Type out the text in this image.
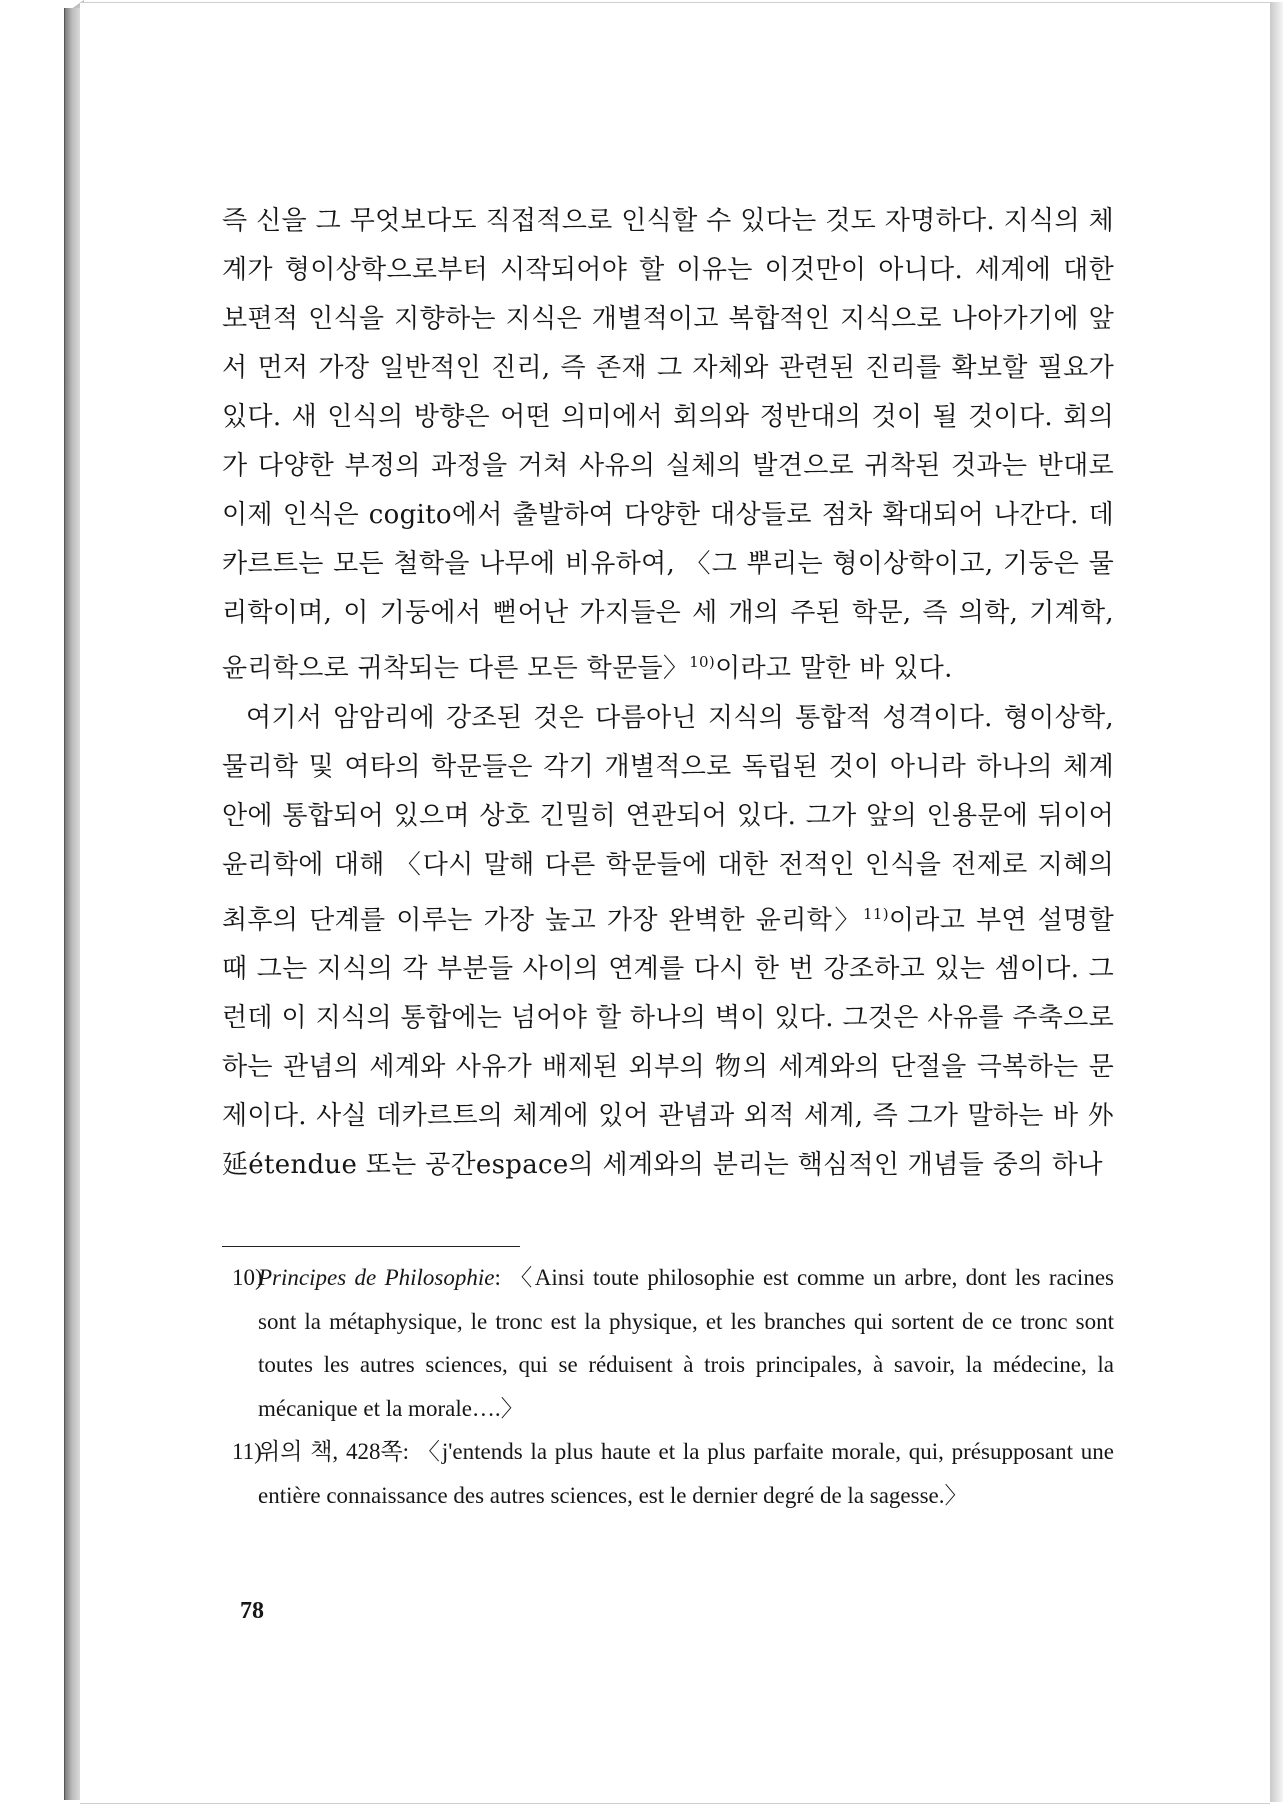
즉 신을 그 무엇보다도 직접적으로 인식할 수 있다는 것도 자명하다. 지식의 체계가 형이상학으로부터 시작되어야 할 이유는 이것만이 아니다. 세계에 대한 보편적 인식을 지향하는 지식은 개별적이고 복합적인 지식으로 나아가기에 앞서 먼저 가장 일반적인 진리, 즉 존재 그 자체와 관련된 진리를 확보할 필요가 있다. 새 인식의 방향은 어떤 의미에서 회의와 정반대의 것이 될 것이다. 회의가 다양한 부정의 과정을 거쳐 사유의 실체의 발견으로 귀착된 것과는 반대로 이제 인식은 cogito에서 출발하여 다양한 대상들로 점차 확대되어 나간다. 데카르트는 모든 철학을 나무에 비유하여, 〈그 뿌리는 형이상학이고, 기둥은 물리학이며, 이 기둥에서 뻗어난 가지들은 세 개의 주된 학문, 즉 의학, 기계학, 윤리학으로 귀착되는 다른 모든 학문들〉$^{10)}$이라고 말한 바 있다.

여기서 암암리에 강조된 것은 다름아닌 지식의 통합적 성격이다. 형이상학, 물리학 및 여타의 학문들은 각기 개별적으로 독립된 것이 아니라 하나의 체계 안에 통합되어 있으며 상호 긴밀히 연관되어 있다. 그가 앞의 인용문에 뒤이어 윤리학에 대해 〈다시 말해 다른 학문들에 대한 전적인 인식을 전제로 지혜의 최후의 단계를 이루는 가장 높고 가장 완벽한 윤리학〉$^{11)}$이라고 부연 설명할 때 그는 지식의 각 부분들 사이의 연계를 다시 한 번 강조하고 있는 셈이다. 그런데 이 지식의 통합에는 넘어야 할 하나의 벽이 있다. 그것은 사유를 주축으로 하는 관념의 세계와 사유가 배제된 외부의 物의 세계와의 단절을 극복하는 문제이다. 사실 데카르트의 체계에 있어 관념과 외적 세계, 즉 그가 말하는 바 外延étendue 또는 공간espace의 세계와의 분리는 핵심적인 개념들 중의 하나

10)
Principes de Philosophie: 〈Ainsi toute philosophie est comme un arbre, dont les racines sont la métaphysique, le tronc est la physique, et les branches qui sortent de ce tronc sont toutes les autres sciences, qui se réduisent à trois principales, à savoir, la médecine, la mécanique et la morale….〉
11)
위의 책, 428쪽: 〈j'entends la plus haute et la plus parfaite morale, qui, présupposant une entière connaissance des autres sciences, est le dernier degré de la sagesse.〉
78
